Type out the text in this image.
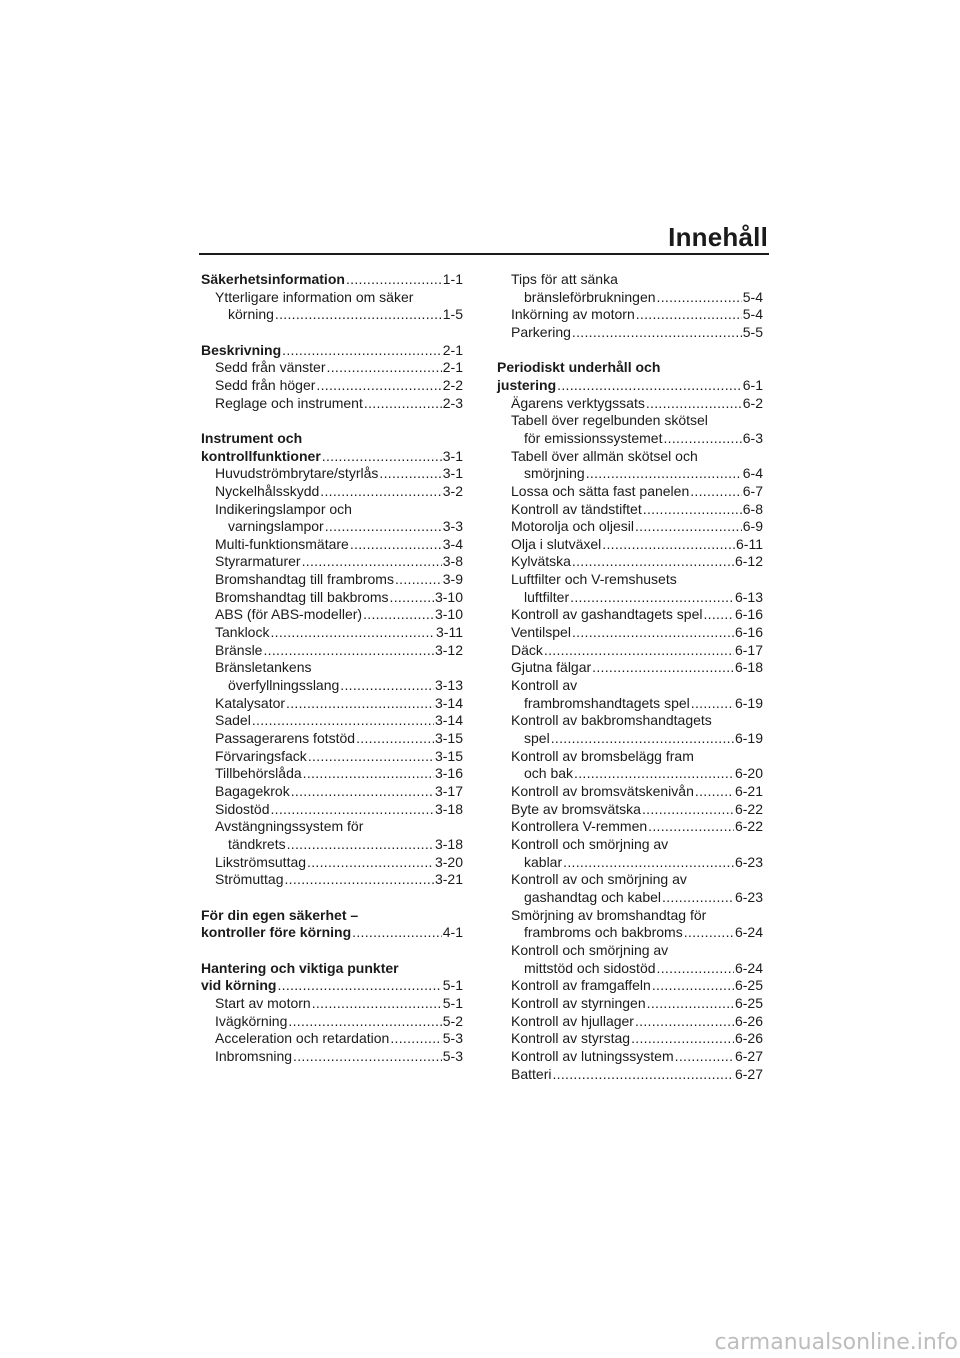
Innehåll
Säkerhetsinformation .....	1-1
Ytterligare information om säker
körning .....	1-5
Beskrivning .....	2-1
Sedd från vänster .....	2-1
Sedd från höger .....	2-2
Reglage och instrument .....	2-3
Instrument och
kontrollfunktioner .....	3-1
Huvudströmbrytare/styrlås .....	3-1
Nyckelhålsskydd .....	3-2
Indikeringslampor och
varningslampor .....	3-3
Multi-funktionsmätare .....	3-4
Styrarmaturer .....	3-8
Bromshandtag till frambroms .....	3-9
Bromshandtag till bakbroms .....	3-10
ABS (för ABS-modeller) .....	3-10
Tanklock .....	3-11
Bränsle .....	3-12
Bränsletankens
överfyllningsslang .....	3-13
Katalysator .....	3-14
Sadel .....	3-14
Passagerarens fotstöd .....	3-15
Förvaringsfack .....	3-15
Tillbehörslåda .....	3-16
Bagagekrok .....	3-17
Sidostöd .....	3-18
Avstängningssystem för
tändkrets .....	3-18
Likströmsuttag .....	3-20
Strömuttag .....	3-21
För din egen säkerhet –
kontroller före körning .....	4-1
Hantering och viktiga punkter
vid körning .....	5-1
Start av motorn .....	5-1
Ivägkörning .....	5-2
Acceleration och retardation .....	5-3
Inbromsning .....	5-3
Tips för att sänka
bränsleförbrukningen .....	5-4
Inkörning av motorn .....	5-4
Parkering .....	5-5
Periodiskt underhåll och
justering .....	6-1
Ägarens verktygssats .....	6-2
Tabell över regelbunden skötsel
för emissionssystemet .....	6-3
Tabell över allmän skötsel och
smörjning .....	6-4
Lossa och sätta fast panelen .....	6-7
Kontroll av tändstiftet .....	6-8
Motorolja och oljesil .....	6-9
Olja i slutväxel .....	6-11
Kylvätska .....	6-12
Luftfilter och V-remshusets
luftfilter .....	6-13
Kontroll av gashandtagets spel ..... 6-16
Ventilspel .....	6-16
Däck .....	6-17
Gjutna fälgar .....	6-18
Kontroll av
frambromshandtagets spel .....	6-19
Kontroll av bakbromshandtagets
spel .....	6-19
Kontroll av bromsbelägg fram
och bak .....	6-20
Kontroll av bromsvätskenivån .....	6-21
Byte av bromsvätska .....	6-22
Kontrollera V-remmen .....	6-22
Kontroll och smörjning av
kablar .....	6-23
Kontroll av och smörjning av
gashandtag och kabel .....	6-23
Smörjning av bromshandtag för
frambroms och bakbroms .....	6-24
Kontroll och smörjning av
mittstöd och sidostöd .....	6-24
Kontroll av framgaffeln .....	6-25
Kontroll av styrningen .....	6-25
Kontroll av hjullager .....	6-26
Kontroll av styrstag .....	6-26
Kontroll av lutningssystem .....	6-27
Batteri .....	6-27
carmanualsonline.info
